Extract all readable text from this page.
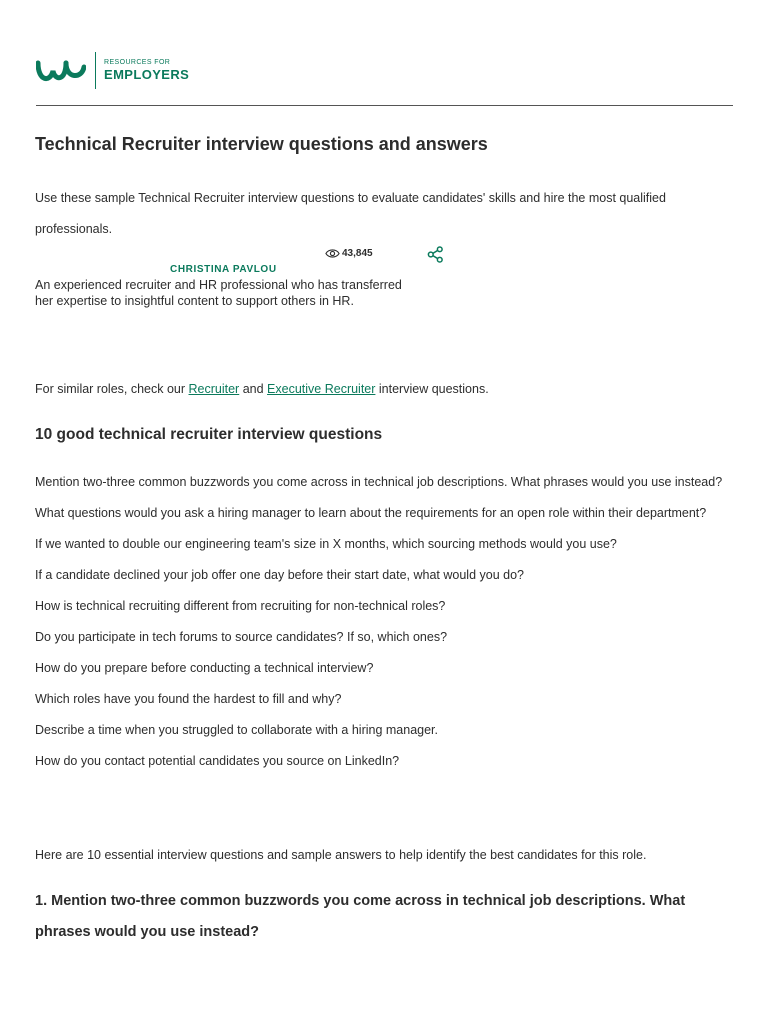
RESOURCES FOR
EMPLOYERS
Technical Recruiter interview questions and answers

Use these sample Technical Recruiter interview questions to evaluate candidates' skills and hire the most qualified professionals.

43,845
CHRISTINA PAVLOU

An experienced recruiter and HR professional who has transferred her expertise to insightful content to support others in HR.

For similar roles, check our Recruiter and Executive Recruiter interview questions.

10 good technical recruiter interview questions
Mention two-three common buzzwords you come across in technical job descriptions. What phrases would you use instead?
What questions would you ask a hiring manager to learn about the requirements for an open role within their department?
If we wanted to double our engineering team's size in X months, which sourcing methods would you use?
If a candidate declined your job offer one day before their start date, what would you do?
How is technical recruiting different from recruiting for non-technical roles?
Do you participate in tech forums to source candidates? If so, which ones?
How do you prepare before conducting a technical interview?
Which roles have you found the hardest to fill and why?
Describe a time when you struggled to collaborate with a hiring manager.
How do you contact potential candidates you source on LinkedIn?

Here are 10 essential interview questions and sample answers to help identify the best candidates for this role.

1. Mention two-three common buzzwords you come across in technical job descriptions. What phrases would you use instead?
